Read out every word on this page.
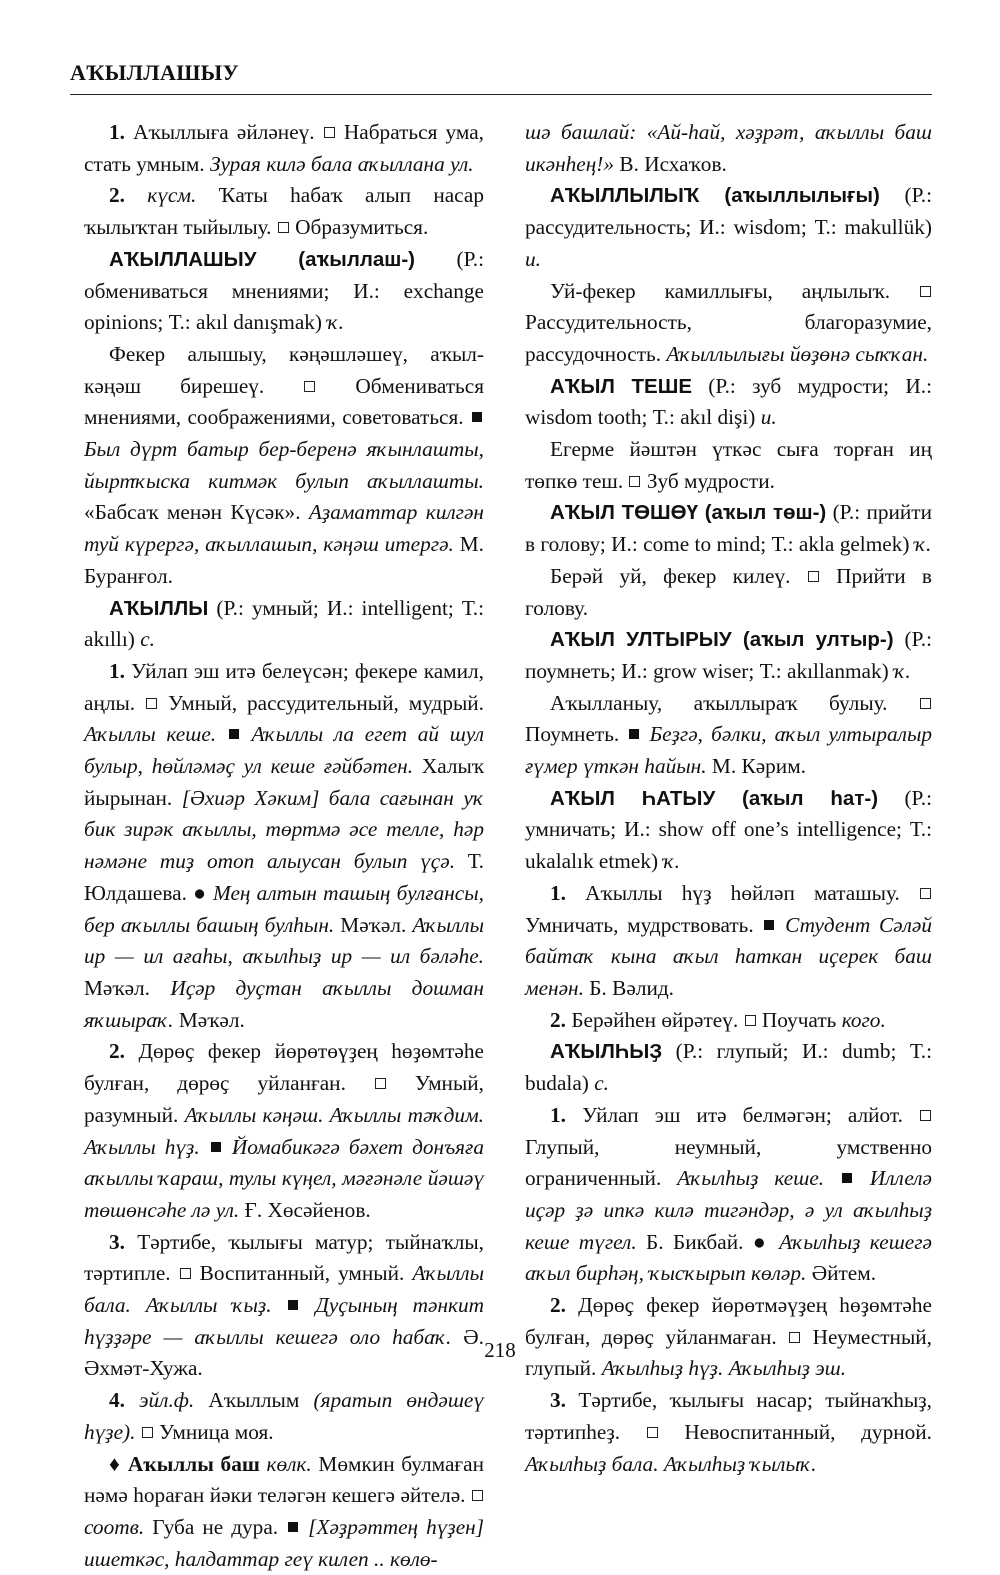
АҠЫЛЛАШЫУ

1. Аҡыллыға әйләнеү. Набраться ума, стать умным. Зурая килә бала аҡыллана ул.

2. күсм. Ҡаты һабаҡ алып насар ҡылыҡтан тыйылыу. Образумиться.

АҠЫЛЛАШЫУ (аҡыллаш-) (Р.: обмениваться мнениями; И.: exchange opinions; Т.: akıl danışmak) ҡ.

Фекер алышыу, кәңәшләшеү, аҡыл-кәңәш бирешеү.	Обмениваться мнениями, соображениями, советоваться.  Был дүрт батыр бер-беренә яҡынлашты, йыртҡыска китмәк булып аҡыллашты. «Бабсаҡ менән Күсәк». Аҙаматтар килгән туй күрергә, аҡыллашып, кәңәш итергә. М. Буранғол.

АҠЫЛЛЫ (Р.: умный; И.: intelligent; Т.: akıllı) с.

1. Уйлап эш итә белеүсән; фекере камил, аңлы. Умный, рассудительный, мудрый. Аҡыллы кеше. Аҡыллы ла егет ай шул булыр, һөйләмәҫ ул кеше ғәйбәтен. Халыҡ йырынан. [Әхиәр Хәким] бала сағынан уҡ бик зирәк аҡыллы, төртмә әсе телле, һәр нәмәне тиҙ отоп алыусан булып үҫә. Т. Юлдашева. ● Мең алтын ташың булғансы, бер аҡыллы башың булһын. Мәҡәл. Аҡыллы ир — ил ағаһы, аҡылһыҙ ир — ил бәләһе. Мәҡәл. Иҫәр дуҫтан аҡыллы дошман яҡшыраҡ. Мәҡәл.

2. Дөрөҫ фекер йөрөтөүҙең һөҙөмтәһе булған, дөрөҫ уйланған.	Умный, разумный. Аҡыллы кәңәш. Аҡыллы тәҡдим. Аҡыллы һүҙ. Йомабикәгә бәхет донъяға аҡыллы ҡараш, тулы күңел, мәғәнәле йәшәү төшөнсәһе лә ул. Ғ. Хөсәйенов.

3. Тәртибе, ҡылығы матур; тыйнаҡлы, тәртипле. Воспитанный, умный. Аҡыллы бала. Аҡыллы ҡыҙ. Дуҫының тәнкит һүҙҙәре — аҡыллы кешегә оло һабаҡ. Ә. Әхмәт-Хужа.

4. эйл.ф. Аҡыллым (яратып өндәшеү һүҙе). Умница моя.

♦ Аҡыллы баш көлк. Мөмкин булмаған нәмә һораған йәки теләгән кешегә әйтелә.  соотв. Губа не дура. [Хәҙрәттең һүҙен] ишеткәс, һалдаттар геү килеп .. көлө-

шә башлай: «Ай-һай, хәҙрәт, аҡыллы баш икәнһең!» В. Исхаҡов.

АҠЫЛЛЫЛЫҠ (аҡыллылығы) (Р.: рассудительность; И.: wisdom; Т.: makullük) и.

Уй-фекер камиллығы, аңлылыҡ.  Рассудительность, благоразумие, рассудочность. Аҡыллылығы йөҙөнә сыҡҡан.

АҠЫЛ ТЕШЕ (Р.: зуб мудрости; И.: wisdom tooth; Т.: akıl dişi) и.

Егерме йәштән үткәс сыға торған иң төпкө теш. Зуб мудрости.

АҠЫЛ ТӨШӨҮ (аҡыл төш-) (Р.: прийти в голову; И.: come to mind; Т.: akla gelmek) ҡ.

Берәй уй, фекер килеү. Прийти в голову.

АҠЫЛ УЛТЫРЫУ (аҡыл ултыр-) (Р.: поумнеть; И.: grow wiser; Т.: akıllanmak) ҡ.

Аҡылланыу, аҡыллыраҡ булыу.  Поумнеть. Беҙгә, бәлки, аҡыл ултыралыр ғүмер үткән һайын. М. Кәрим.

АҠЫЛ ҺАТЫУ (аҡыл һат-) (Р.: умничать; И.: show off one’s intelligence; Т.: ukalalık etmek) ҡ.

1. Аҡыллы һүҙ һөйләп маташыу.  Умничать, мудрствовать. Студент Сәләй байтаҡ кына аҡыл һаткан иҫерек баш менән. Б. Вәлид.

2. Берәйһен өйрәтеү. Поучать кого.

АҠЫЛҺЫҘ (Р.: глупый; И.: dumb; Т.: budala) с.

1. Уйлап эш итә белмәгән; алйот.  Глупый, неумный, умственно ограниченный. Аҡылһыҙ кеше. Иллелә иҫәр ҙә ипкә килә тигәндәр, ә ул аҡылһыҙ кеше түгел. Б. Бикбай. ● Аҡылһыҙ кешегә аҡыл бирһәң, ҡысҡырып көләр. Әйтем.

2. Дөрөҫ фекер йөрөтмәүҙең һөҙөмтәһе булған, дөрөҫ уйланмаған. Неуместный, глупый. Аҡылһыҙ һүҙ. Аҡылһыҙ эш.

3. Тәртибе, ҡылығы насар; тыйнаҡһыҙ, тәртипһеҙ.	Невоспитанный, дурной. Аҡылһыҙ бала. Аҡылһыҙ ҡылыҡ.

218
